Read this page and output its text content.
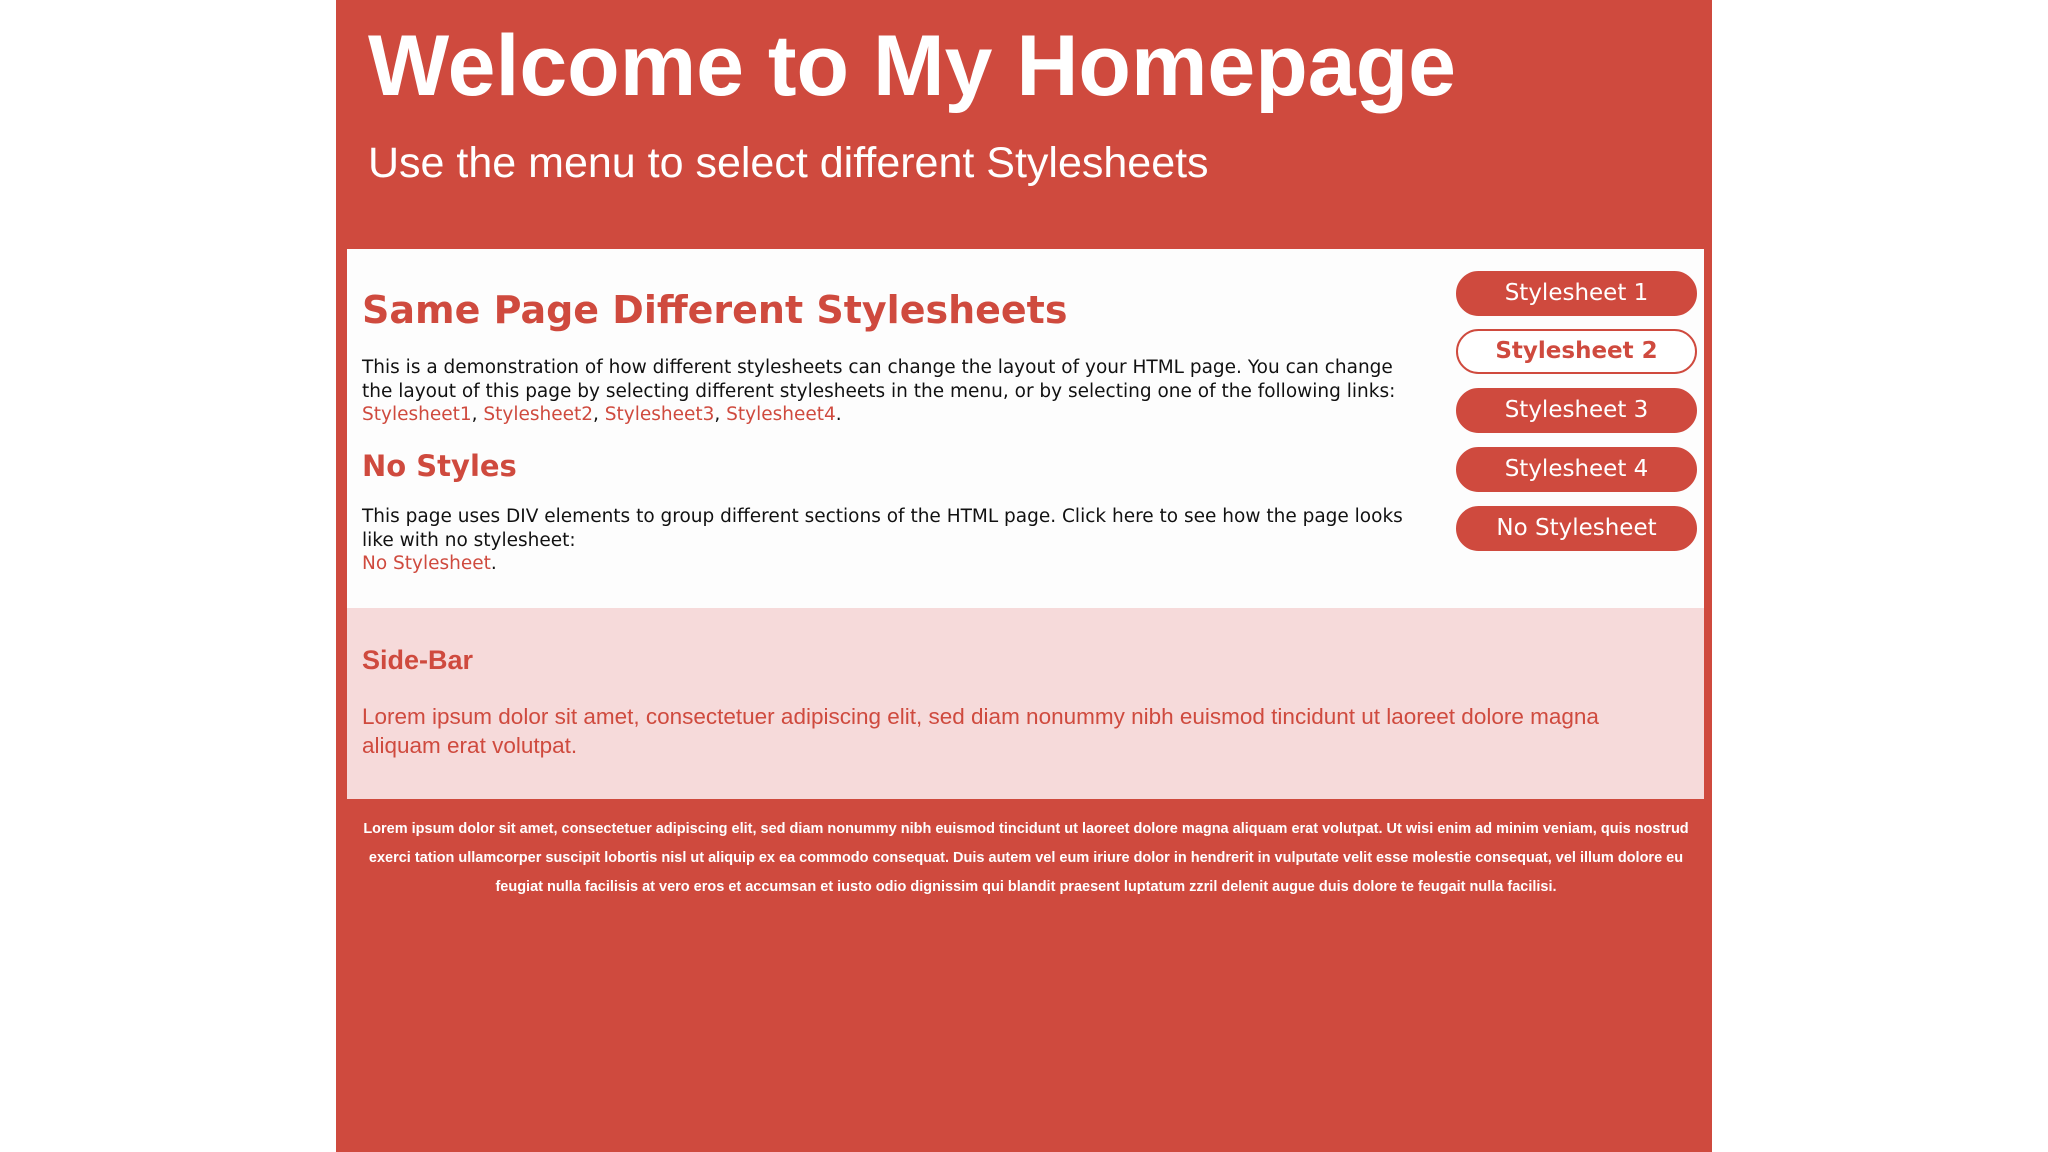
Welcome to My Homepage
Use the menu to select different Stylesheets
Same Page Different Stylesheets

This is a demonstration of how different stylesheets can change the layout of your HTML page. You can change the layout of this page by selecting different stylesheets in the menu, or by selecting one of the following links:
Stylesheet1, Stylesheet2, Stylesheet3, Stylesheet4.

No Styles

This page uses DIV elements to group different sections of the HTML page. Click here to see how the page looks like with no stylesheet:
No Stylesheet.

Stylesheet 1
Stylesheet 2
Stylesheet 3
Stylesheet 4
No Stylesheet
Side-Bar

Lorem ipsum dolor sit amet, consectetuer adipiscing elit, sed diam nonummy nibh euismod tincidunt ut laoreet dolore magna aliquam erat volutpat.

Lorem ipsum dolor sit amet, consectetuer adipiscing elit, sed diam nonummy nibh euismod tincidunt ut laoreet dolore magna aliquam erat volutpat. Ut wisi enim ad minim veniam, quis nostrud exerci tation ullamcorper suscipit lobortis nisl ut aliquip ex ea commodo consequat. Duis autem vel eum iriure dolor in hendrerit in vulputate velit esse molestie consequat, vel illum dolore eu feugiat nulla facilisis at vero eros et accumsan et iusto odio dignissim qui blandit praesent luptatum zzril delenit augue duis dolore te feugait nulla facilisi.
